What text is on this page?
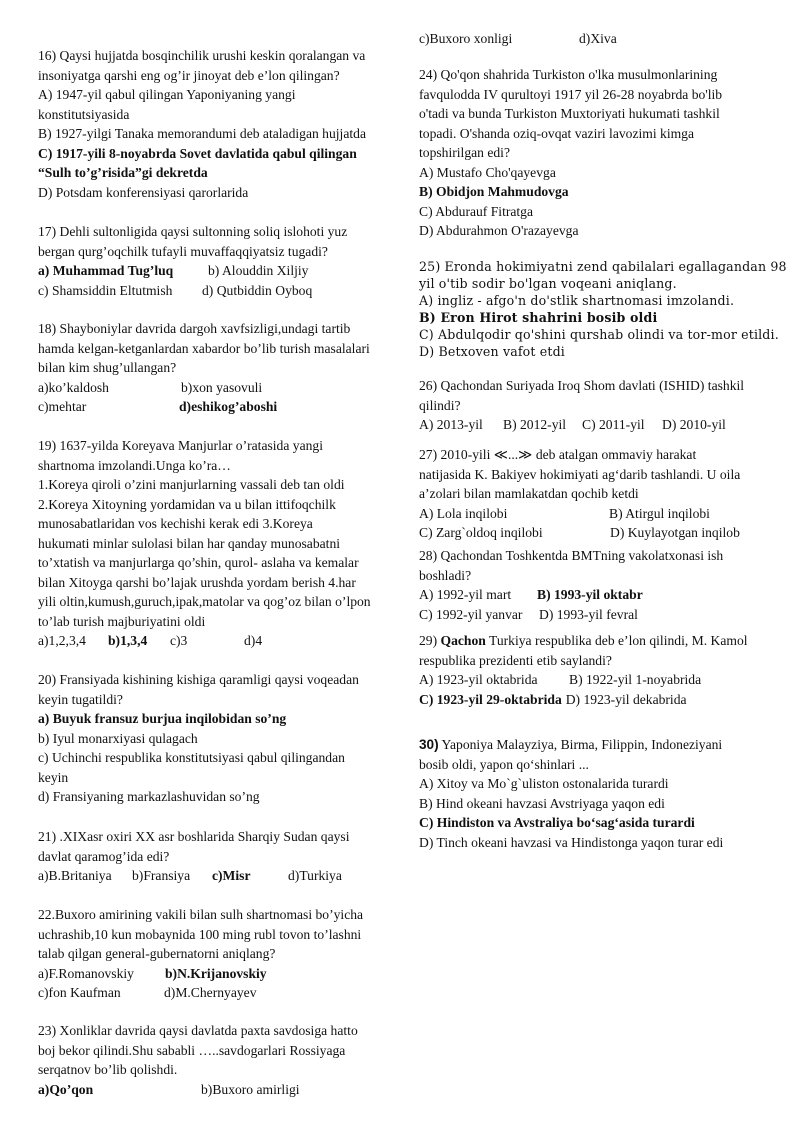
16) Qaysi hujjatda bosqinchilik urushi keskin qoralangan va
insoniyatga qarshi eng og’ir jinoyat deb e’lon qilingan?
A) 1947-yil qabul qilingan Yaponiyaning yangi
konstitutsiyasida
B) 1927-yilgi Tanaka memorandumi deb ataladigan hujjatda
C) 1917-yili 8-noyabrda Sovet davlatida qabul qilingan
“Sulh to’g’risida”gi dekretda
D) Potsdam konferensiyasi qarorlarida
17) Dehli sultonligida qaysi sultonning soliq islohoti yuz
bergan qurg’oqchilk tufayli muvaffaqqiyatsiz tugadi?
a) Muhammad Tug’luq	b) Alouddin Xiljiy
c) Shamsiddin Eltutmish d) Qutbiddin Oyboq
18) Shayboniylar davrida dargoh xavfsizligi,undagi tartib
hamda kelgan-ketganlardan xabardor bo’lib turish masalalari
bilan kim shug’ullangan?
a)ko’kaldosh	b)xon yasovuli
c)mehtar	d)eshikog’aboshi
19) 1637-yilda Koreyava Manjurlar o’ratasida yangi
shartnoma imzolandi.Unga ko’ra…
1.Koreya qiroli o’zini manjurlarning vassali deb tan oldi
2.Koreya Xitoyning yordamidan va u bilan ittifoqchilk
munosabatlaridan vos kechishi kerak edi 3.Koreya
hukumati minlar sulolasi bilan har qanday munosabatni
to’xtatish va manjurlarga qo’shin, qurol- aslaha va kemalar
bilan Xitoyga qarshi bo’lajak urushda yordam berish 4.har
yili oltin,kumush,guruch,ipak,matolar va qog’oz bilan o’lpon
to’lab turish majburiyatini oldi
a)1,2,3,4 b)1,3,4 c)3	d)4
20) Fransiyada kishining kishiga qaramligi qaysi voqeadan
keyin tugatildi?
a) Buyuk fransuz burjua inqilobidan so’ng
b) Iyul monarxiyasi qulagach
c) Uchinchi respublika konstitutsiyasi qabul qilingandan
keyin
d) Fransiyaning markazlashuvidan so’ng
21) .XIXasr oxiri XX asr boshlarida Sharqiy Sudan qaysi
davlat qaramog’ida edi?
a)B.Britaniya b)Fransiya c)Misr	d)Turkiya
22.Buxoro amirining vakili bilan sulh shartnomasi bo’yicha
uchrashib,10 kun mobaynida 100 ming rubl tovon to’lashni
talab qilgan general-gubernatorni aniqlang?
a)F.Romanovskiy b)N.Krijanovskiy
c)fon Kaufman	d)M.Chernyayev
23) Xonliklar davrida qaysi davlatda paxta savdosiga hatto
boj bekor qilindi.Shu sababli …..savdogarlari Rossiyaga
serqatnov bo’lib qolishdi.
a)Qo’qon	b)Buxoro amirligi
c)Buxoro xonligi	d)Xiva
24) Qo'qon shahrida Turkiston o'lka musulmonlarining
favqulodda IV qurultoyi 1917 yil 26-28 noyabrda bo'lib
o'tadi va bunda Turkiston Muxtoriyati hukumati tashkil
topadi. O'shanda oziq-ovqat vaziri lavozimi kimga
topshirilgan edi?
A) Mustafo Cho'qayevga
B) Obidjon Mahmudovga
C) Abdurauf Fitratga
D) Abdurahmon O'razayevga
25) Eronda hokimiyatni zend qabilalari egallagandan 98
yil o'tib sodir bo'lgan voqeani aniqlang.
A) ingliz - afgo'n do'stlik shartnomasi imzolandi.
B) Eron Hirot shahrini bosib oldi
C) Abdulqodir qo'shini qurshab olindi va tor-mor etildi.
D) Betxoven vafot etdi
26) Qachondan Suriyada Iroq Shom davlati (ISHID) tashkil
qilindi?
A) 2013-yil B) 2012-yil C) 2011-yil D) 2010-yil
27) 2010-yili ≪...≫ deb atalgan ommaviy harakat
natijasida K. Bakiyev hokimiyati ag‘darib tashlandi. U oila
a’zolari bilan mamlakatdan qochib ketdi
A) Lola inqilobi	B) Atirgul inqilobi
C) Zarg`oldoq inqilobi	D) Kuylayotgan inqilob
28) Qachondan Toshkentda BMTning vakolatxonasi ish
boshladi?
A) 1992-yil mart B) 1993-yil oktabr
C) 1992-yil yanvar D) 1993-yil fevral
29) Qachon Turkiya respublika deb e’lon qilindi, M. Kamol
respublika prezidenti etib saylandi?
A) 1923-yil oktabrida B) 1922-yil 1-noyabrida
C) 1923-yil 29-oktabrida D) 1923-yil dekabrida
30) Yaponiya Malayziya, Birma, Filippin, Indoneziyani
bosib oldi, yapon qo‘shinlari ...
A) Xitoy va Mo`g`uliston ostonalarida turardi
B) Hind okeani havzasi Avstriyaga yaqon edi
C) Hindiston va Avstraliya bo‘sag‘asida turardi
D) Tinch okeani havzasi va Hindistonga yaqon turar edi
